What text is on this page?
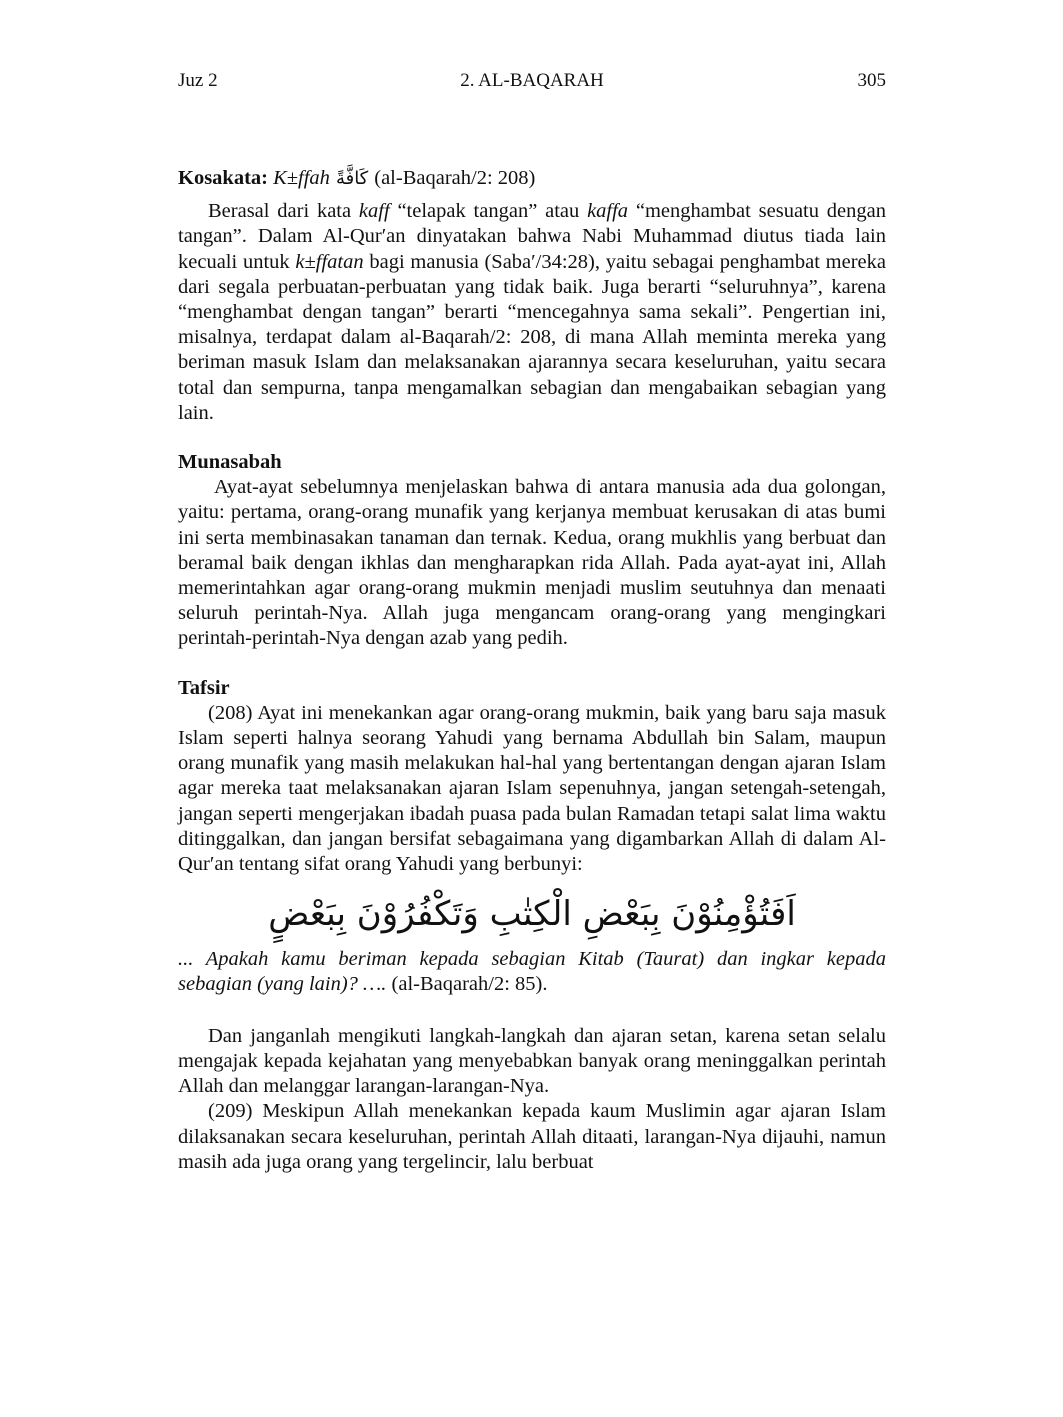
Juz 2	2. AL-BAQARAH	305

Kosakata: K±ffah كَافَّةً (al-Baqarah/2: 208)

Berasal dari kata kaff “telapak tangan” atau kaffa “menghambat sesuatu dengan tangan”. Dalam Al-Qur′an dinyatakan bahwa Nabi Muhammad diutus tiada lain kecuali untuk k±ffatan bagi manusia (Saba′/34:28), yaitu sebagai penghambat mereka dari segala perbuatan-perbuatan yang tidak baik. Juga berarti “seluruhnya”, karena “menghambat dengan tangan” berarti “mencegahnya sama sekali”. Pengertian ini, misalnya, terdapat dalam al-Baqarah/2: 208, di mana Allah meminta mereka yang beriman masuk Islam dan melaksanakan ajarannya secara keseluruhan, yaitu secara total dan sempurna, tanpa mengamalkan sebagian dan mengabaikan sebagian yang lain.

Munasabah

Ayat-ayat sebelumnya menjelaskan bahwa di antara manusia ada dua golongan, yaitu: pertama, orang-orang munafik yang kerjanya membuat kerusakan di atas bumi ini serta membinasakan tanaman dan ternak. Kedua, orang mukhlis yang berbuat dan beramal baik dengan ikhlas dan mengharapkan rida Allah. Pada ayat-ayat ini, Allah memerintahkan agar orang-orang mukmin menjadi muslim seutuhnya dan menaati seluruh perintah-Nya. Allah juga mengancam orang-orang yang mengingkari perintah-perintah-Nya dengan azab yang pedih.

Tafsir

(208) Ayat ini menekankan agar orang-orang mukmin, baik yang baru saja masuk Islam seperti halnya seorang Yahudi yang bernama Abdullah bin Salam, maupun orang munafik yang masih melakukan hal-hal yang bertentangan dengan ajaran Islam agar mereka taat melaksanakan ajaran Islam sepenuhnya, jangan setengah-setengah, jangan seperti mengerjakan ibadah puasa pada bulan Ramadan tetapi salat lima waktu ditinggalkan, dan jangan bersifat sebagaimana yang digambarkan Allah di dalam Al-Qur′an tentang sifat orang Yahudi yang berbunyi:

اَفَتُؤْمِنُوْنَ بِبَعْضِ الْكِتٰبِ وَتَكْفُرُوْنَ بِبَعْضٍ

... Apakah kamu beriman kepada sebagian Kitab (Taurat) dan ingkar kepada sebagian (yang lain)? …. (al-Baqarah/2: 85).

Dan janganlah mengikuti langkah-langkah dan ajaran setan, karena setan selalu mengajak kepada kejahatan yang menyebabkan banyak orang meninggalkan perintah Allah dan melanggar larangan-larangan-Nya.

(209) Meskipun Allah menekankan kepada kaum Muslimin agar ajaran Islam dilaksanakan secara keseluruhan, perintah Allah ditaati, larangan-Nya dijauhi, namun masih ada juga orang yang tergelincir, lalu berbuat
